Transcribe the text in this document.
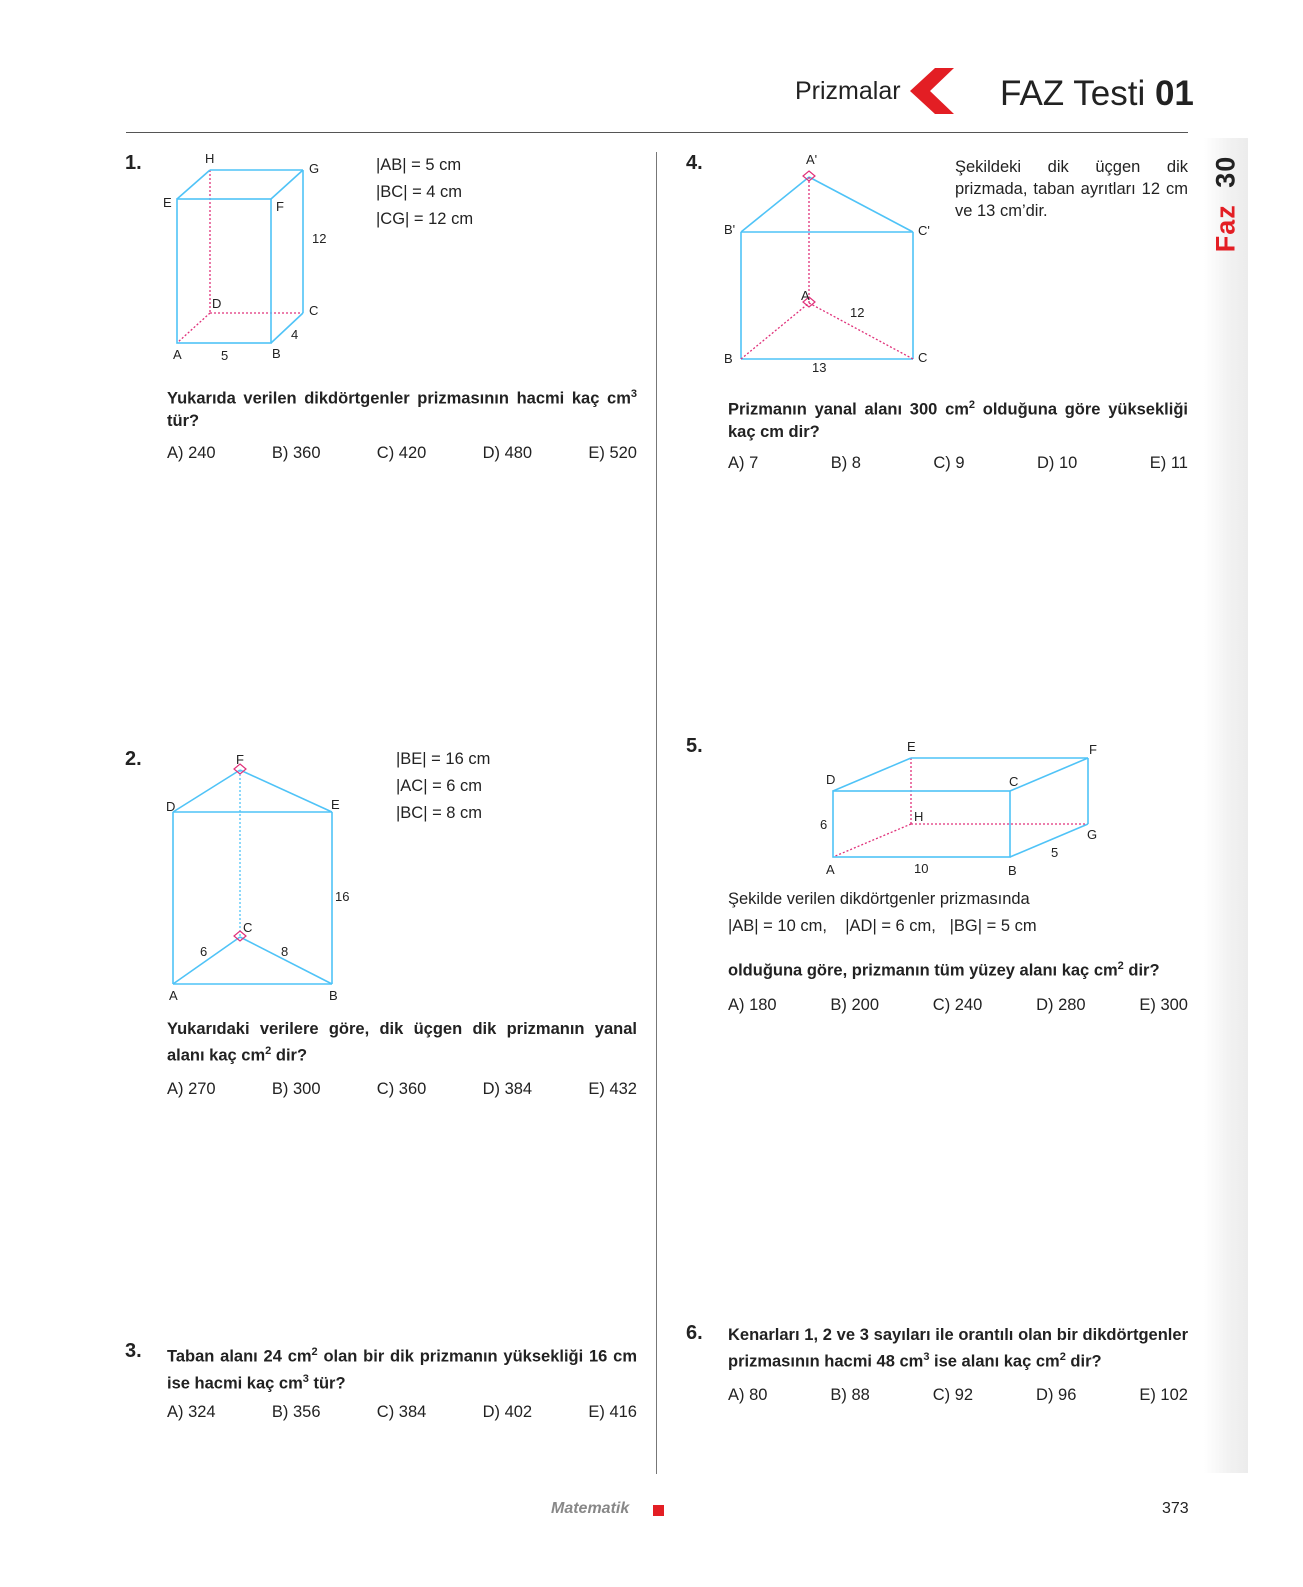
Prizmalar	FAZ Testi 01
Faz 30
1.	H
G
E	F
D	C
A	B
5
4
12
|AB| = 5 cm
|BC| = 4 cm
|CG| = 12 cm
Yukarıda verilen dikdörtgenler prizmasının hacmi kaç $cm^3$ tür?
A) 240	B) 360	C) 420	D) 480	E) 520
2.	F
D	E
C
A	B
6	8
16
|BE| = 16 cm
|AC| = 6 cm
|BC| = 8 cm
Yukarıdaki verilere göre, dik üçgen dik prizmanın yanal alanı kaç $cm^2$ dir?
A) 270	B) 300	C) 360	D) 384	E) 432
3. Taban alanı 24 $cm^2$ olan bir dik prizmanın yüksekliği 16 cm ise hacmi kaç $cm^3$ tür?
A) 324	B) 356	C) 384	D) 402	E) 416
4.	A'
B'	C'
A
B	C
12
13
Şekildeki dik üçgen dik prizmada, taban ayrıtları 12 cm ve 13 cm’dir.
Prizmanın yanal alanı 300 $cm^2$ olduğuna göre yüksekliği kaç cm dir?
A) 7	B) 8	C) 9	D) 10	E) 11
5.	E	F
D	C
H
G
A	B
6
10
5
Şekilde verilen dikdörtgenler prizmasında
|AB| = 10 cm,    |AD| = 6 cm,   |BG| = 5 cm
olduğuna göre, prizmanın tüm yüzey alanı kaç $cm^2$ dir?
A) 180	B) 200	C) 240	D) 280	E) 300
6. Kenarları 1, 2 ve 3 sayıları ile orantılı olan bir dikdörtgenler prizmasının hacmi 48 $cm^3$ ise alanı kaç $cm^2$ dir?
A) 80	B) 88	C) 92	D) 96	E) 102
Matematik	373
